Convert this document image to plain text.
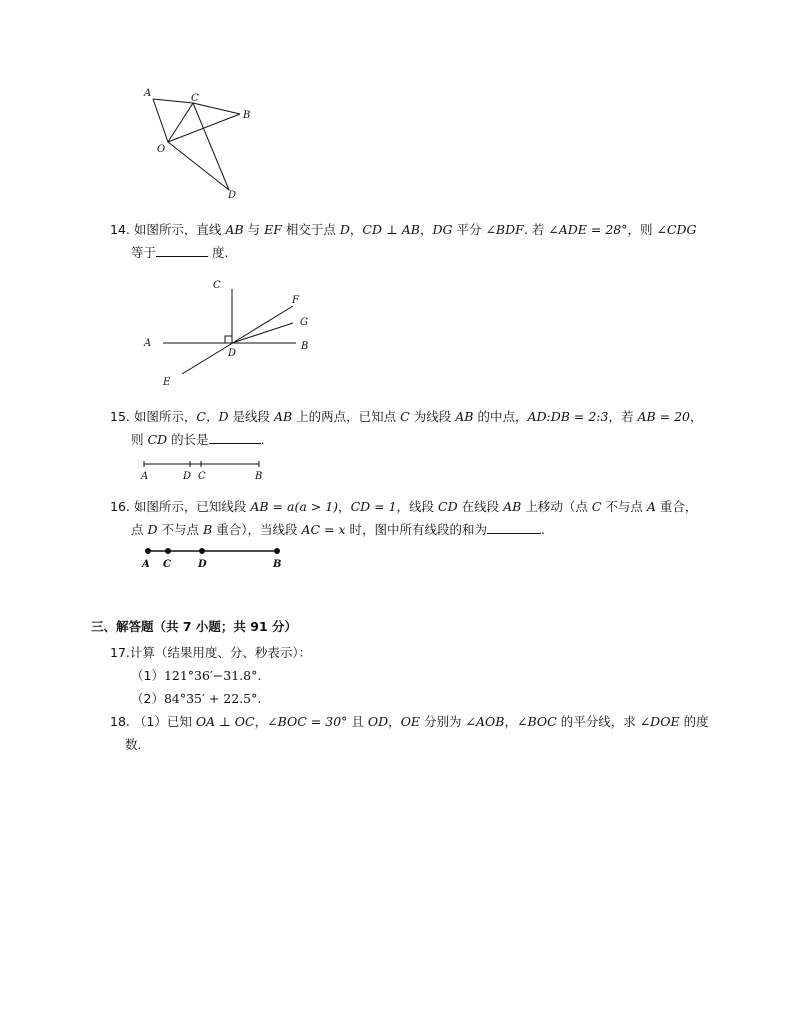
A	C
B
O
D
14. 如图所示，直线 AB 与 EF 相交于点 D，CD ⊥ AB，DG 平分 ∠BDF. 若 ∠ADE = 28°，则 ∠CDG
等于	度.
C
F
G
A
D
B
E
15. 如图所示，C，D 是线段 AB 上的两点，已知点 C 为线段 AB 的中点，AD:DB = 2:3，若 AB = 20，
则 CD 的长是	.
A	D C	B
16. 如图所示，已知线段 AB = a(a > 1)，CD = 1，线段 CD 在线段 AB 上移动（点 C 不与点 A 重合，
点 D 不与点 B 重合），当线段 AC = x 时，图中所有线段的和为	.
A C	D	B
三、解答题（共 7 小题；共 91 分）
17.计算（结果用度、分、秒表示）：
（1）121°36′−31.8°.
（2）84°35′ + 22.5°.
18. （1）已知 OA ⊥ OC，∠BOC = 30° 且 OD，OE 分别为 ∠AOB，∠BOC 的平分线，求 ∠DOE 的度
数.
